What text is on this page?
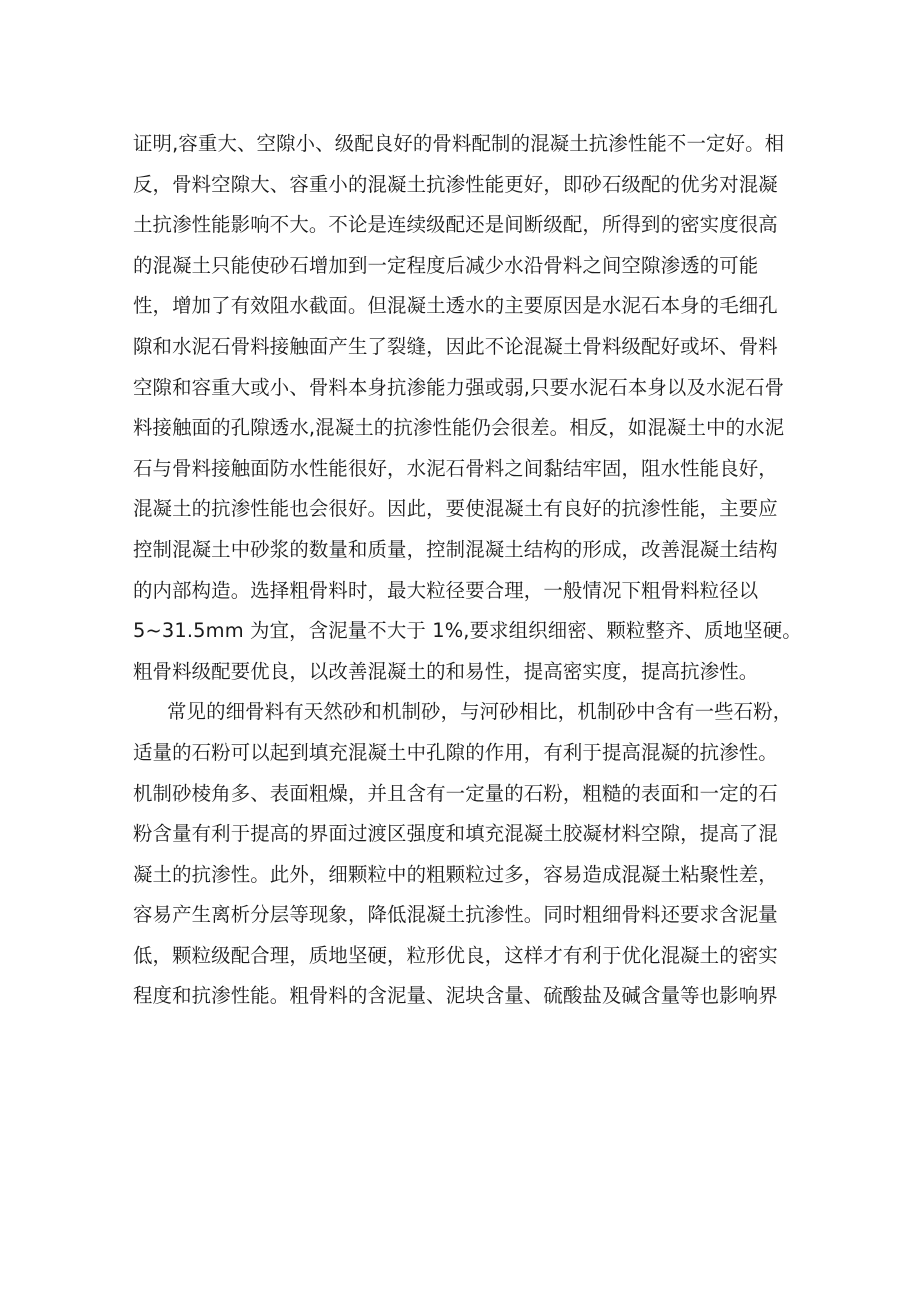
证明,容重大、空隙小、级配良好的骨料配制的混凝土抗渗性能不一定好。相
反，骨料空隙大、容重小的混凝土抗渗性能更好，即砂石级配的优劣对混凝
土抗渗性能影响不大。不论是连续级配还是间断级配，所得到的密实度很高
的混凝土只能使砂石增加到一定程度后减少水沿骨料之间空隙渗透的可能
性，增加了有效阻水截面。但混凝土透水的主要原因是水泥石本身的毛细孔
隙和水泥石骨料接触面产生了裂缝，因此不论混凝土骨料级配好或坏、骨料
空隙和容重大或小、骨料本身抗渗能力强或弱,只要水泥石本身以及水泥石骨
料接触面的孔隙透水,混凝土的抗渗性能仍会很差。相反，如混凝土中的水泥
石与骨料接触面防水性能很好，水泥石骨料之间黏结牢固，阻水性能良好，
混凝土的抗渗性能也会很好。因此，要使混凝土有良好的抗渗性能，主要应
控制混凝土中砂浆的数量和质量，控制混凝土结构的形成，改善混凝土结构
的内部构造。选择粗骨料时，最大粒径要合理，一般情况下粗骨料粒径以
5~31.5mm 为宜，含泥量不大于 1%,要求组织细密、颗粒整齐、质地坚硬。
粗骨料级配要优良，以改善混凝土的和易性，提高密实度，提高抗渗性。
常见的细骨料有天然砂和机制砂，与河砂相比，机制砂中含有一些石粉，
适量的石粉可以起到填充混凝土中孔隙的作用，有利于提高混凝的抗渗性。
机制砂棱角多、表面粗燥，并且含有一定量的石粉，粗糙的表面和一定的石
粉含量有利于提高的界面过渡区强度和填充混凝土胶凝材料空隙，提高了混
凝土的抗渗性。此外，细颗粒中的粗颗粒过多，容易造成混凝土粘聚性差，
容易产生离析分层等现象，降低混凝土抗渗性。同时粗细骨料还要求含泥量
低，颗粒级配合理，质地坚硬，粒形优良，这样才有利于优化混凝土的密实
程度和抗渗性能。粗骨料的含泥量、泥块含量、硫酸盐及碱含量等也影响界
